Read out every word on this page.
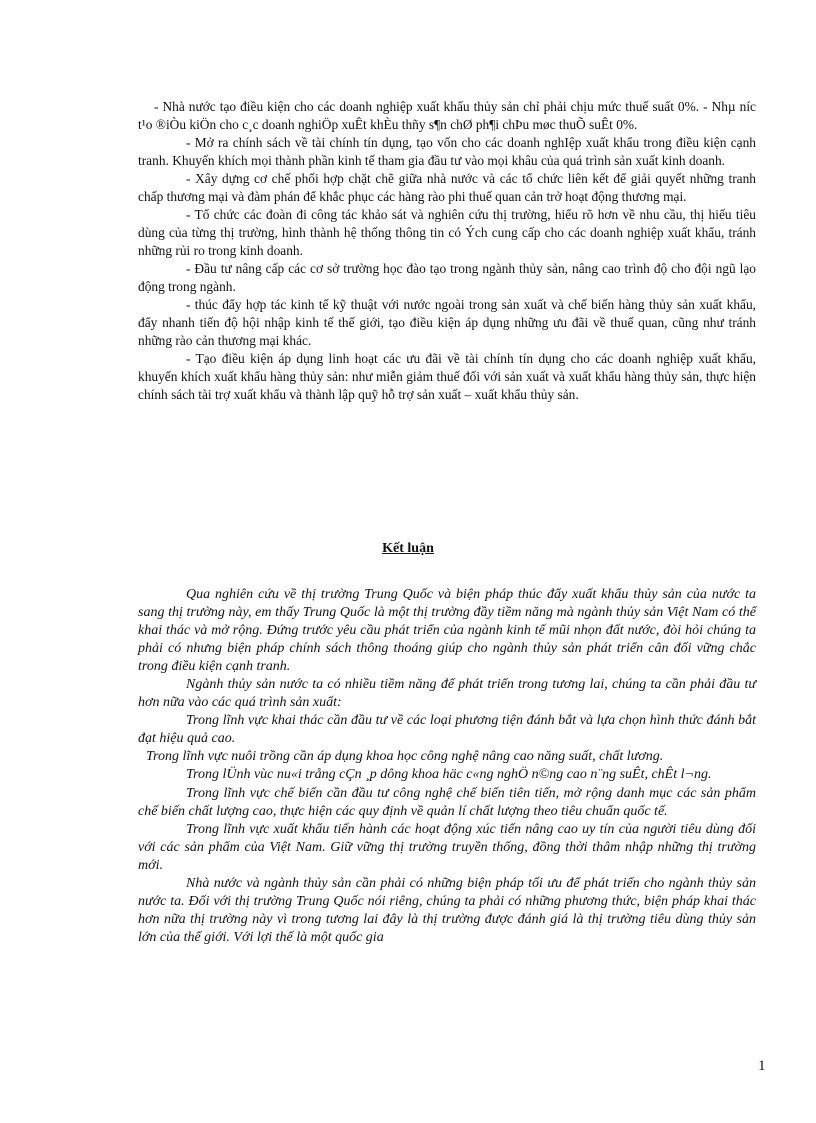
- Nhà nước tạo điều kiện cho các doanh nghiệp xuất khẩu thủy sản chỉ phải chịu mức thuế suất 0%. - Nhµ níc t¹o ®iÒu kiÖn cho c¸c doanh nghiÖp xuÊt khÈu thñy s¶n chØ ph¶i chÞu møc thuÕ suÊt 0%.

- Mở ra chính sách về tài chính tín dụng, tạo vốn cho các doanh nghIệp xuất khẩu trong điều kiện cạnh tranh. Khuyến khích mọi thành phần kinh tế tham gia đầu tư vào mọi khâu của quá trình sản xuất kinh doanh.

- Xây dựng cơ chế phối hợp chặt chẽ giữa nhà nước và các tổ chức liên kết để giải quyết những tranh chấp thương mại và đàm phán để khắc phục các hàng rào phi thuế quan cản trở hoạt động thương mại.

- Tổ chức các đoàn đi công tác khảo sát và nghiên cứu thị trường, hiểu rõ hơn về nhu cầu, thị hiếu tiêu dùng của từng thị trường, hình thành hệ thống thông tin có Ých cung cấp cho các doanh nghiệp xuất khẩu, tránh những rủi ro trong kinh doanh.

- Đầu tư nâng cấp các cơ sở trường học đào tạo trong ngành thủy sản, nâng cao trình độ cho đội ngũ lạo động trong ngành.

- thúc đẩy hợp tác kinh tế kỹ thuật với nước ngoài trong sản xuất và chế biến hàng thủy sản xuất khẩu, đẩy nhanh tiến độ hội nhập kinh tế thế giới, tạo điều kiện áp dụng những ưu đãi về thuế quan, cũng như tránh những rào cản thương mại khác.

- Tạo điều kiện áp dụng linh hoạt các ưu đãi về tài chính tín dụng cho các doanh nghiệp xuất khẩu, khuyến khích xuất khẩu hàng thủy sản: như miễn giảm thuế đối với sản xuất và xuất khẩu hàng thủy sản, thực hiện chính sách tài trợ xuất khẩu và thành lập quỹ hỗ trợ sản xuất – xuất khẩu thủy sản.

Kết luận

Qua nghiên cứu về thị trường Trung Quốc và biện pháp thúc đẩy xuất khẩu thủy sản của nước ta sang thị trường này, em thấy Trung Quốc là một thị trường đầy tiềm năng mà ngành thủy sản Việt Nam có thể khai thác và mở rộng. Đứng trước yêu cầu phát triển của ngành kinh tế mũi nhọn đất nước, đòi hỏi chúng ta phải có nhưng biện pháp chính sách thông thoáng giúp cho ngành thủy sản phát triển cân đối vững chắc trong điều kiện cạnh tranh.

Ngành thủy sản nước ta có nhiều tiềm năng để phát triển trong tương lai, chúng ta cần phải đầu tư hơn nữa vào các quá trình sản xuất:

Trong lĩnh vực khai thác cần đầu tư về các loại phương tiện đánh bắt và lựa chọn hình thức đánh bắt đạt hiệu quả cao.

Trong lĩnh vực nuôi trồng cần áp dụng khoa học công nghệ nâng cao năng suất, chất lương.

Trong lÜnh vùc nu«i trång cÇn ¸p dông khoa häc c«ng nghÖ n©ng cao n¨ng suÊt, chÊt l¬ng.

Trong lĩnh vực chế biến cần đầu tư công nghệ chế biến tiên tiến, mở rộng danh mục các sản phẩm chế biến chất lượng cao, thực hiện các quy định về quản lí chất lượng theo tiêu chuẩn quốc tế.

Trong lĩnh vực xuất khẩu tiến hành các hoạt động xúc tiến nâng cao uy tín của người tiêu dùng đối với các sản phẩm của Việt Nam. Giữ vững thị trường truyền thống, đồng thời thâm nhập những thị trường mới.

Nhà nước và ngành thủy sản cần phải có những biện pháp tối ưu để phát triển cho ngành thủy sản nước ta. Đối với thị trường Trung Quốc nói riêng, chúng ta phải có những phương thức, biện pháp khai thác hơn nữa thị trường này vì trong tương lai đây là thị trường được đánh giá là thị trường tiêu dùng thủy sản lớn của thế giới. Với lợi thế là một quốc gia

1
